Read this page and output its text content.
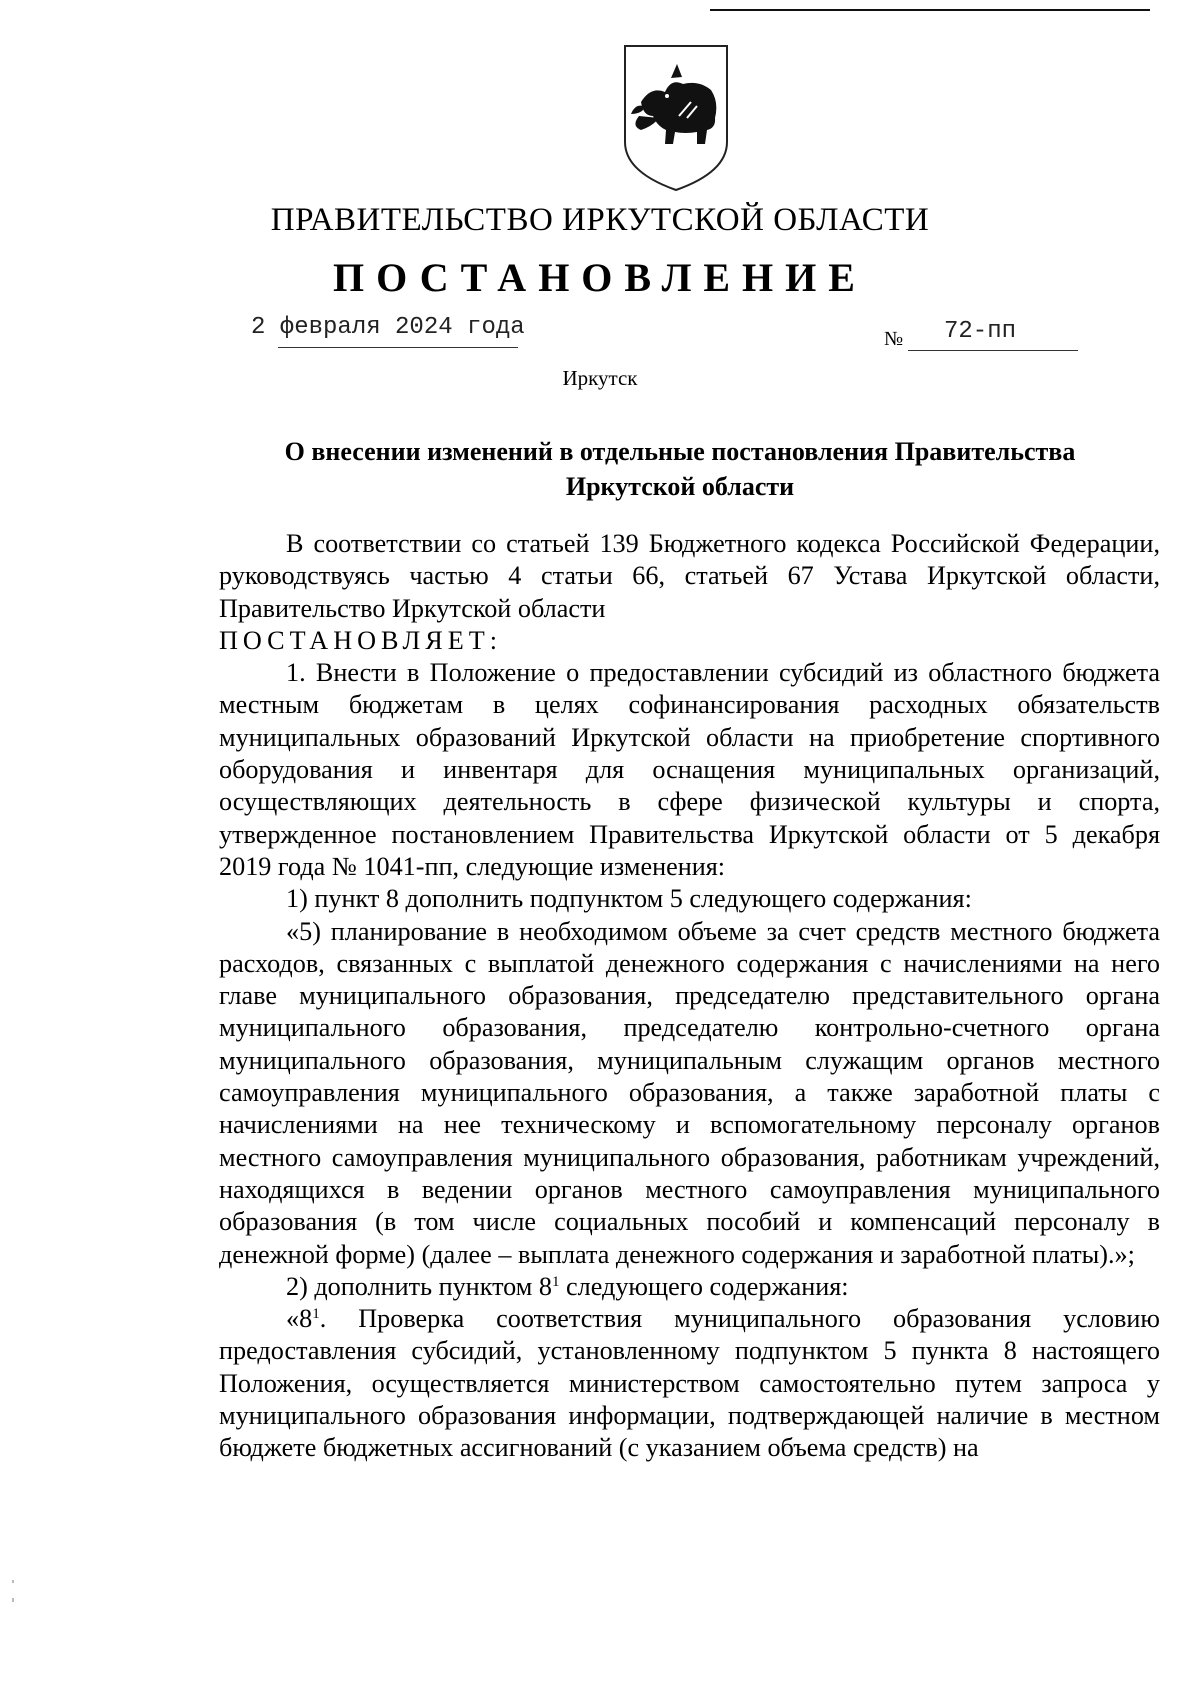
ПРАВИТЕЛЬСТВО ИРКУТСКОЙ ОБЛАСТИ
ПОСТАНОВЛЕНИЕ
2 февраля 2024 года	№ 72-пп
Иркутск
О внесении изменений в отдельные постановления Правительства Иркутской области

В соответствии со статьей 139 Бюджетного кодекса Российской Федерации, руководствуясь частью 4 статьи 66, статьей 67 Устава Иркутской области, Правительство Иркутской области

ПОСТАНОВЛЯЕТ:

1. Внести в Положение о предоставлении субсидий из областного бюджета местным бюджетам в целях софинансирования расходных обязательств муниципальных образований Иркутской области на приобретение спортивного оборудования и инвентаря для оснащения муниципальных организаций, осуществляющих деятельность в сфере физической культуры и спорта, утвержденное постановлением Правительства Иркутской области от 5 декабря 2019 года № 1041-пп, следующие изменения:

1) пункт 8 дополнить подпунктом 5 следующего содержания:

«5) планирование в необходимом объеме за счет средств местного бюджета расходов, связанных с выплатой денежного содержания с начислениями на него главе муниципального образования, председателю представительного органа муниципального образования, председателю контрольно-счетного органа муниципального образования, муниципальным служащим органов местного самоуправления муниципального образования, а также заработной платы с начислениями на нее техническому и вспомогательному персоналу органов местного самоуправления муниципального образования, работникам учреждений, находящихся в ведении органов местного самоуправления муниципального образования (в том числе социальных пособий и компенсаций персоналу в денежной форме) (далее – выплата денежного содержания и заработной платы).»;

2) дополнить пунктом $8^1$ следующего содержания:

«$8^1$. Проверка соответствия муниципального образования условию предоставления субсидий, установленному подпунктом 5 пункта 8 настоящего Положения, осуществляется министерством самостоятельно путем запроса у муниципального образования информации, подтверждающей наличие в местном бюджете бюджетных ассигнований (с указанием объема средств) на
